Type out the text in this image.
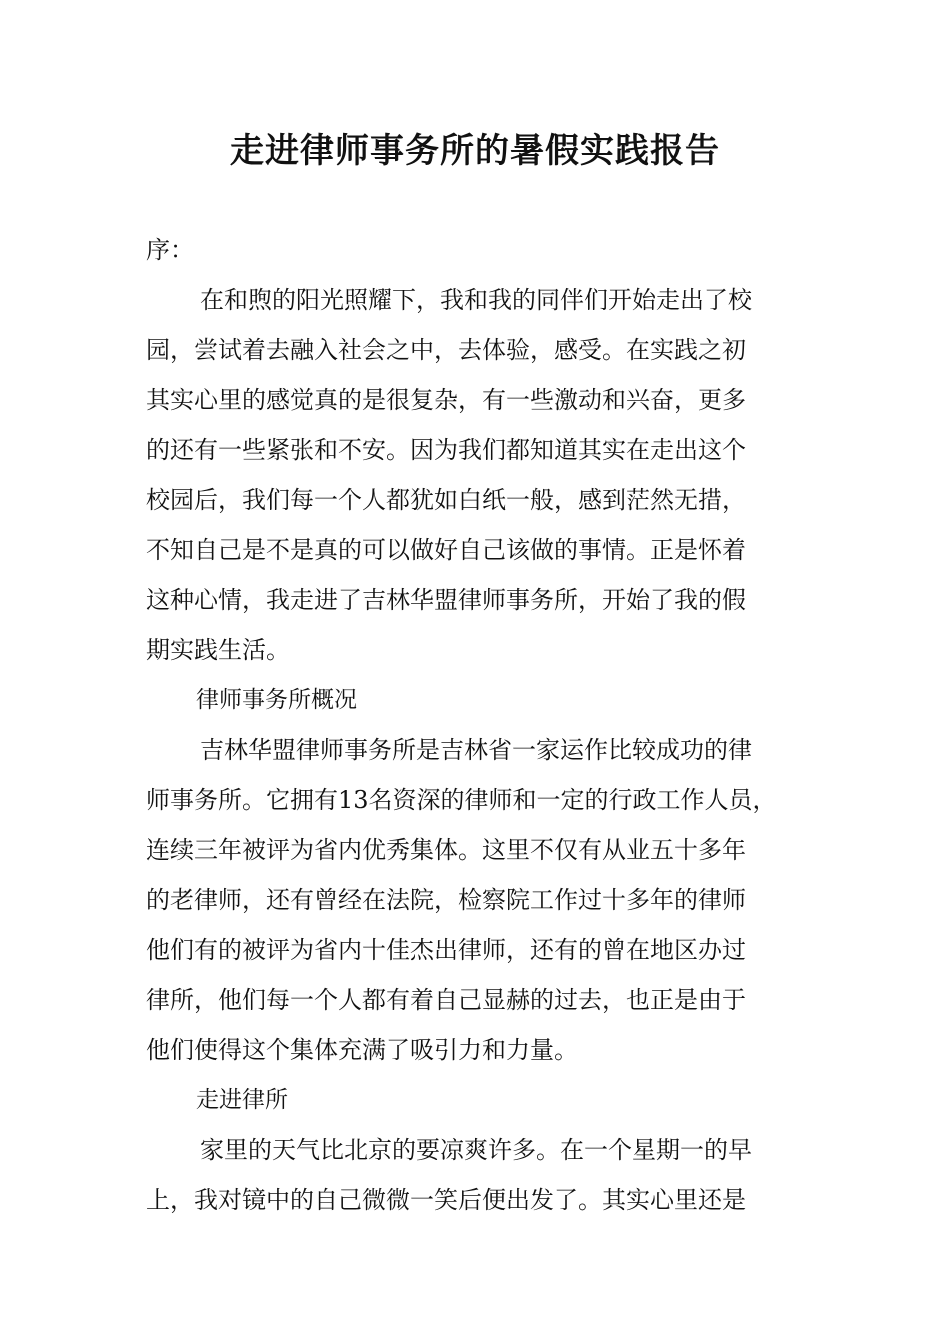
走进律师事务所的暑假实践报告
序：
在和煦的阳光照耀下，我和我的同伴们开始走出了校
园，尝试着去融入社会之中，去体验，感受。在实践之初
其实心里的感觉真的是很复杂，有一些激动和兴奋，更多
的还有一些紧张和不安。因为我们都知道其实在走出这个
校园后，我们每一个人都犹如白纸一般，感到茫然无措，
不知自己是不是真的可以做好自己该做的事情。正是怀着
这种心情，我走进了吉林华盟律师事务所，开始了我的假
期实践生活。
律师事务所概况
吉林华盟律师事务所是吉林省一家运作比较成功的律
师事务所。它拥有13名资深的律师和一定的行政工作人员，
连续三年被评为省内优秀集体。这里不仅有从业五十多年
的老律师，还有曾经在法院，检察院工作过十多年的律师
他们有的被评为省内十佳杰出律师，还有的曾在地区办过
律所，他们每一个人都有着自己显赫的过去，也正是由于
他们使得这个集体充满了吸引力和力量。
走进律所
家里的天气比北京的要凉爽许多。在一个星期一的早
上，我对镜中的自己微微一笑后便出发了。其实心里还是
